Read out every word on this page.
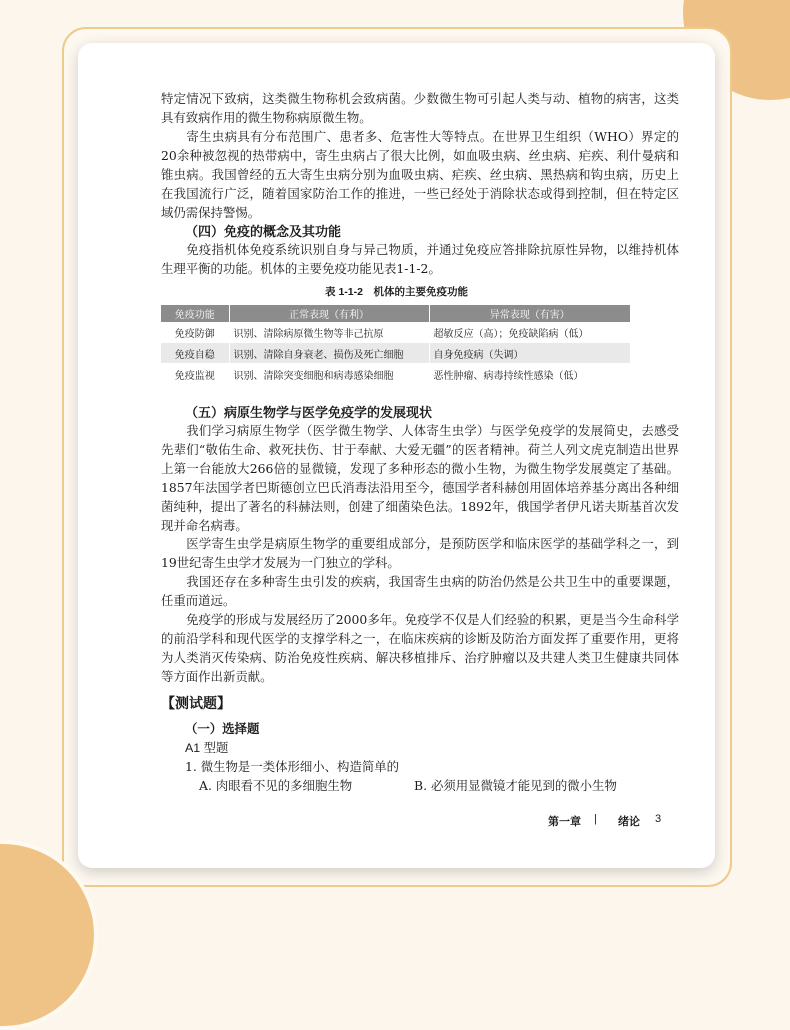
特定情况下致病，这类微生物称机会致病菌。少数微生物可引起人类与动、植物的病害，这类具有致病作用的微生物称病原微生物。

寄生虫病具有分布范围广、患者多、危害性大等特点。在世界卫生组织（WHO）界定的20余种被忽视的热带病中，寄生虫病占了很大比例，如血吸虫病、丝虫病、疟疾、利什曼病和锥虫病。我国曾经的五大寄生虫病分别为血吸虫病、疟疾、丝虫病、黑热病和钩虫病，历史上在我国流行广泛，随着国家防治工作的推进，一些已经处于消除状态或得到控制，但在特定区域仍需保持警惕。

（四）免疫的概念及其功能

免疫指机体免疫系统识别自身与异己物质，并通过免疫应答排除抗原性异物，以维持机体生理平衡的功能。机体的主要免疫功能见表1-1-2。

表 1-1-2　机体的主要免疫功能
免疫功能	正常表现（有利）	异常表现（有害）
免疫防御	识别、清除病原微生物等非己抗原	超敏反应（高）；免疫缺陷病（低）
免疫自稳	识别、清除自身衰老、损伤及死亡细胞	自身免疫病（失调）
免疫监视	识别、清除突变细胞和病毒感染细胞	恶性肿瘤、病毒持续性感染（低）

（五）病原生物学与医学免疫学的发展现状

我们学习病原生物学（医学微生物学、人体寄生虫学）与医学免疫学的发展简史，去感受先辈们“敬佑生命、救死扶伤、甘于奉献、大爱无疆”的医者精神。荷兰人列文虎克制造出世界上第一台能放大266倍的显微镜，发现了多种形态的微小生物，为微生物学发展奠定了基础。1857年法国学者巴斯德创立巴氏消毒法沿用至今，德国学者科赫创用固体培养基分离出各种细菌纯种，提出了著名的科赫法则，创建了细菌染色法。1892年，俄国学者伊凡诺夫斯基首次发现并命名病毒。

医学寄生虫学是病原生物学的重要组成部分，是预防医学和临床医学的基础学科之一，到19世纪寄生虫学才发展为一门独立的学科。

我国还存在多种寄生虫引发的疾病，我国寄生虫病的防治仍然是公共卫生中的重要课题，任重而道远。

免疫学的形成与发展经历了2000多年。免疫学不仅是人们经验的积累，更是当今生命科学的前沿学科和现代医学的支撑学科之一，在临床疾病的诊断及防治方面发挥了重要作用，更将为人类消灭传染病、防治免疫性疾病、解决移植排斥、治疗肿瘤以及共建人类卫生健康共同体等方面作出新贡献。

【测试题】
（一）选择题
A1 型题
1. 微生物是一类体形细小、构造简单的
A. 肉眼看不见的多细胞生物	B. 必须用显微镜才能见到的微小生物
第一章 | 绪论 3
